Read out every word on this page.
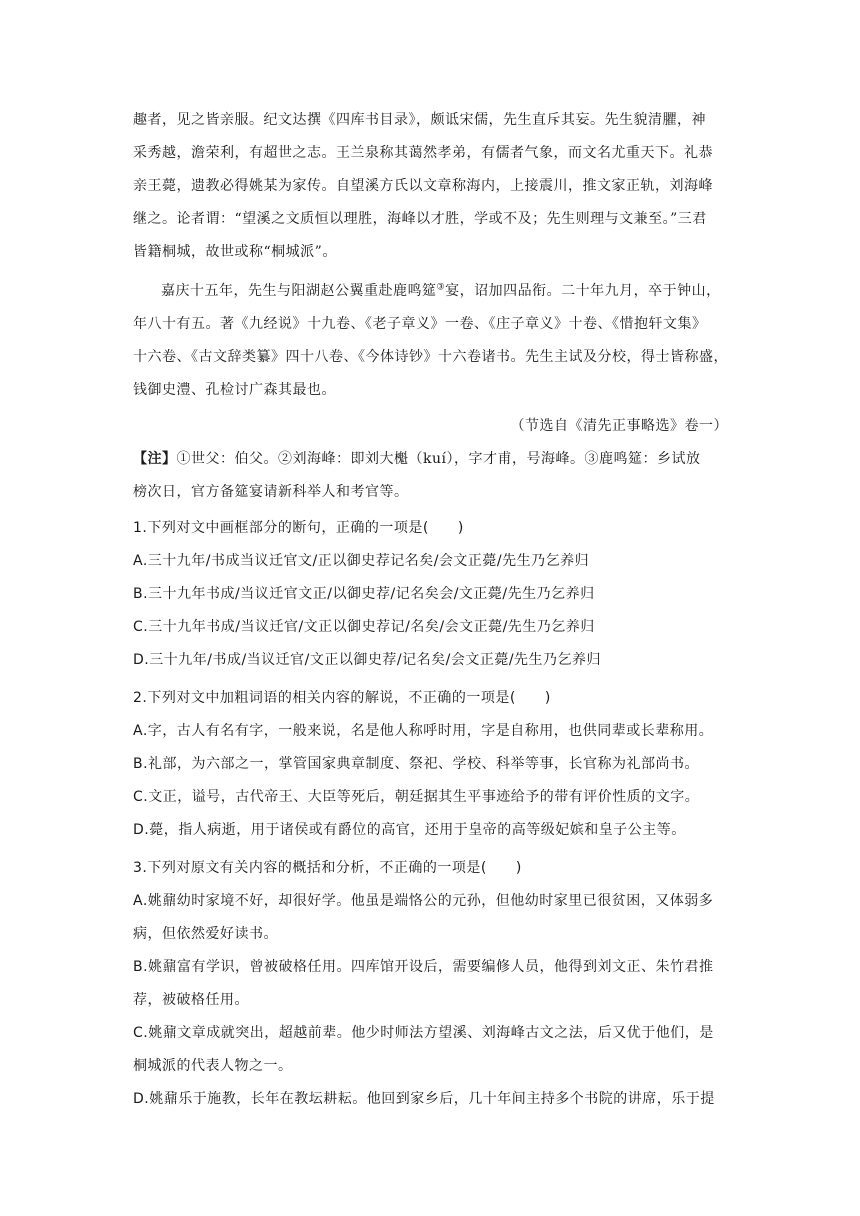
趣者，见之皆亲服。纪文达撰《四库书目录》，颇诋宋儒，先生直斥其妄。先生貌清臞，神
采秀越，澹荣利，有超世之志。王兰泉称其蔼然孝弟，有儒者气象，而文名尤重天下。礼恭
亲王薨，遗教必得姚某为家传。自望溪方氏以文章称海内，上接震川，推文家正轨，刘海峰
继之。论者谓：“望溪之文质恒以理胜，海峰以才胜，学或不及；先生则理与文兼至。”三君
皆籍桐城，故世或称“桐城派”。
嘉庆十五年，先生与阳湖赵公翼重赴鹿鸣筵③宴，诏加四品衔。二十年九月，卒于钟山，
年八十有五。著《九经说》十九卷、《老子章义》一卷、《庄子章义》十卷、《惜抱轩文集》
十六卷、《古文辞类纂》四十八卷、《今体诗钞》十六卷诸书。先生主试及分校，得士皆称盛，
钱御史澧、孔检讨广森其最也。
（节选自《清先正事略选》卷一）
【注】①世父：伯父。②刘海峰：即刘大櫆（kuí），字才甫，号海峰。③鹿鸣筵：乡试放
榜次日，官方备筵宴请新科举人和考官等。
1.下列对文中画框部分的断句，正确的一项是(　　)
A.三十九年/书成当议迁官文/正以御史荐记名矣/会文正薨/先生乃乞养归
B.三十九年书成/当议迁官文正/以御史荐/记名矣会/文正薨/先生乃乞养归
C.三十九年书成/当议迁官/文正以御史荐记/名矣/会文正薨/先生乃乞养归
D.三十九年/书成/当议迁官/文正以御史荐/记名矣/会文正薨/先生乃乞养归
2.下列对文中加粗词语的相关内容的解说，不正确的一项是(　　)
A.字，古人有名有字，一般来说，名是他人称呼时用，字是自称用，也供同辈或长辈称用。
B.礼部，为六部之一，掌管国家典章制度、祭祀、学校、科举等事，长官称为礼部尚书。
C.文正，谥号，古代帝王、大臣等死后，朝廷据其生平事迹给予的带有评价性质的文字。
D.薨，指人病逝，用于诸侯或有爵位的高官，还用于皇帝的高等级妃嫔和皇子公主等。
3.下列对原文有关内容的概括和分析，不正确的一项是(　　)
A.姚鼐幼时家境不好，却很好学。他虽是端恪公的元孙，但他幼时家里已很贫困，又体弱多
病，但依然爱好读书。
B.姚鼐富有学识，曾被破格任用。四库馆开设后，需要编修人员，他得到刘文正、朱竹君推
荐，被破格任用。
C.姚鼐文章成就突出，超越前辈。他少时师法方望溪、刘海峰古文之法，后又优于他们，是
桐城派的代表人物之一。
D.姚鼐乐于施教，长年在教坛耕耘。他回到家乡后，几十年间主持多个书院的讲席，乐于提
